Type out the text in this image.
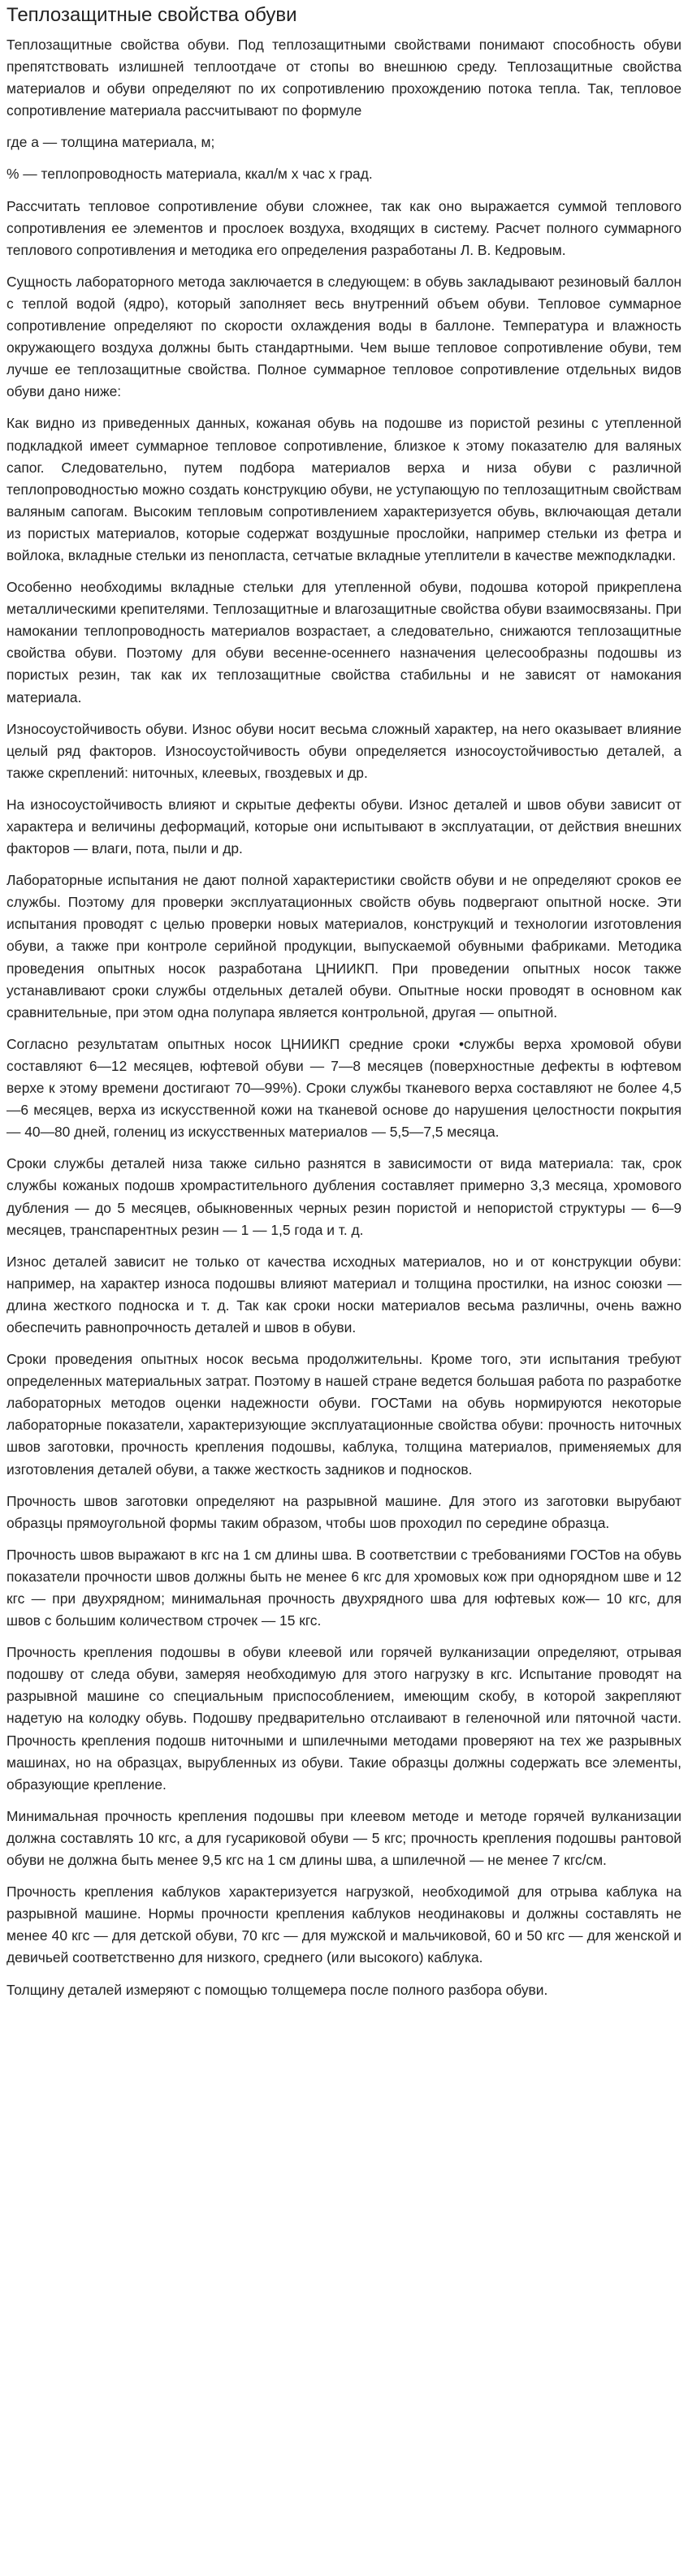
Теплозащитные свойства обуви

Теплозащитные свойства обуви. Под теплозащитными свойствами понимают способность обуви препятствовать излишней теплоотдаче от стопы во внешнюю среду. Теплозащитные свойства материалов и обуви определяют по их сопротивлению прохождению потока тепла. Так, тепловое сопротивление материала рассчитывают по формуле

где а — толщина материала, м;

% — теплопроводность материала, ккал/м х час х град.

Рассчитать тепловое сопротивление обуви сложнее, так как оно выражается суммой теплового сопротивления ее элементов и прослоек воздуха, входящих в систему. Расчет полного суммарного теплового сопротивления и методика его определения разработаны Л. В. Кедровым.

Сущность лабораторного метода заключается в следующем: в обувь закладывают резиновый баллон с теплой водой (ядро), который заполняет весь внутренний объем обуви. Тепловое суммарное сопротивление определяют по скорости охлаждения воды в баллоне. Температура и влажность окружающего воздуха должны быть стандартными. Чем выше тепловое сопротивление обуви, тем лучше ее теплозащитные свойства. Полное суммарное тепловое сопротивление отдельных видов обуви дано ниже:

Как видно из приведенных данных, кожаная обувь на подошве из пористой резины с утепленной подкладкой имеет суммарное тепловое сопротивление, близкое к этому показателю для валяных сапог. Следовательно, путем подбора материалов верха и низа обуви с различной теплопроводностью можно создать конструкцию обуви, не уступающую по теплозащитным свойствам валяным сапогам. Высоким тепловым сопротивлением характеризуется обувь, включающая детали из пористых материалов, которые содержат воздушные прослойки, например стельки из фетра и войлока, вкладные стельки из пенопласта, сетчатые вкладные утеплители в качестве межподкладки.

Особенно необходимы вкладные стельки для утепленной обуви, подошва которой прикреплена металлическими крепителями. Теплозащитные и влагозащитные свойства обуви взаимосвязаны. При намокании теплопроводность материалов возрастает, а следовательно, снижаются теплозащитные свойства обуви. Поэтому для обуви весенне-осеннего назначения целесообразны подошвы из пористых резин, так как их теплозащитные свойства стабильны и не зависят от намокания материала.

Износоустойчивость обуви. Износ обуви носит весьма сложный характер, на него оказывает влияние целый ряд факторов. Износоустойчивость обуви определяется износоустойчивостью деталей, а также скреплений: ниточных, клеевых, гвоздевых и др.

На износоустойчивость влияют и скрытые дефекты обуви. Износ деталей и швов обуви зависит от характера и величины деформаций, которые они испытывают в эксплуатации, от действия внешних факторов — влаги, пота, пыли и др.

Лабораторные испытания не дают полной характеристики свойств обуви и не определяют сроков ее службы. Поэтому для проверки эксплуатационных свойств обувь подвергают опытной носке. Эти испытания проводят с целью проверки новых материалов, конструкций и технологии изготовления обуви, а также при контроле серийной продукции, выпускаемой обувными фабриками. Методика проведения опытных носок разработана ЦНИИКП. При проведении опытных носок также устанавливают сроки службы отдельных деталей обуви. Опытные носки проводят в основном как сравнительные, при этом одна полупара является контрольной, другая — опытной.

Согласно результатам опытных носок ЦНИИКП средние сроки •службы верха хромовой обуви составляют 6—12 месяцев, юфтевой обуви — 7—8 месяцев (поверхностные дефекты в юфтевом верхе к этому времени достигают 70—99%). Сроки службы тканевого верха составляют не более 4,5—6 месяцев, верха из искусственной кожи на тканевой основе до нарушения целостности покрытия — 40—80 дней, голениц из искусственных материалов — 5,5—7,5 месяца.

Сроки службы деталей низа также сильно разнятся в зависимости от вида материала: так, срок службы кожаных подошв хромрастительного дубления составляет примерно 3,3 месяца, хромового дубления — до 5 месяцев, обыкновенных черных резин пористой и непористой структуры — 6—9 месяцев, транспарентных резин — 1 — 1,5 года и т. д.

Износ деталей зависит не только от качества исходных материалов, но и от конструкции обуви: например, на характер износа подошвы влияют материал и толщина простилки, на износ союзки — длина жесткого подноска и т. д. Так как сроки носки материалов весьма различны, очень важно обеспечить равнопрочность деталей и швов в обуви.

Сроки проведения опытных носок весьма продолжительны. Кроме того, эти испытания требуют определенных материальных затрат. Поэтому в нашей стране ведется большая работа по разработке лабораторных методов оценки надежности обуви. ГОСТами на обувь нормируются некоторые лабораторные показатели, характеризующие эксплуатационные свойства обуви: прочность ниточных швов заготовки, прочность крепления подошвы, каблука, толщина материалов, применяемых для изготовления деталей обуви, а также жесткость задников и подносков.

Прочность швов заготовки определяют на разрывной машине. Для этого из заготовки вырубают образцы прямоугольной формы таким образом, чтобы шов проходил по середине образца.

Прочность швов выражают в кгс на 1 см длины шва. В соответствии с требованиями ГОСТов на обувь показатели прочности швов должны быть не менее 6 кгс для хромовых кож при однорядном шве и 12 кгс — при двухрядном; минимальная прочность двухрядного шва для юфтевых кож— 10 кгс, для швов с большим количеством строчек — 15 кгс.

Прочность крепления подошвы в обуви клеевой или горячей вулканизации определяют, отрывая подошву от следа обуви, замеряя необходимую для этого нагрузку в кгс. Испытание проводят на разрывной машине со специальным приспособлением, имеющим скобу, в которой закрепляют надетую на колодку обувь. Подошву предварительно отслаивают в геленочной или пяточной части. Прочность крепления подошв ниточными и шпилечными методами проверяют на тех же разрывных машинах, но на образцах, вырубленных из обуви. Такие образцы должны содержать все элементы, образующие крепление.

Минимальная прочность крепления подошвы при клеевом методе и методе горячей вулканизации должна составлять 10 кгс, а для гусариковой обуви — 5 кгс; прочность крепления подошвы рантовой обуви не должна быть менее 9,5 кгс на 1 см длины шва, а шпилечной — не менее 7 кгс/см.

Прочность крепления каблуков характеризуется нагрузкой, необходимой для отрыва каблука на разрывной машине. Нормы прочности крепления каблуков неодинаковы и должны составлять не менее 40 кгс — для детской обуви, 70 кгс — для мужской и мальчиковой, 60 и 50 кгс — для женской и девичьей соответственно для низкого, среднего (или высокого) каблука.

Толщину деталей измеряют с помощью толщемера после полного разбора обуви.
